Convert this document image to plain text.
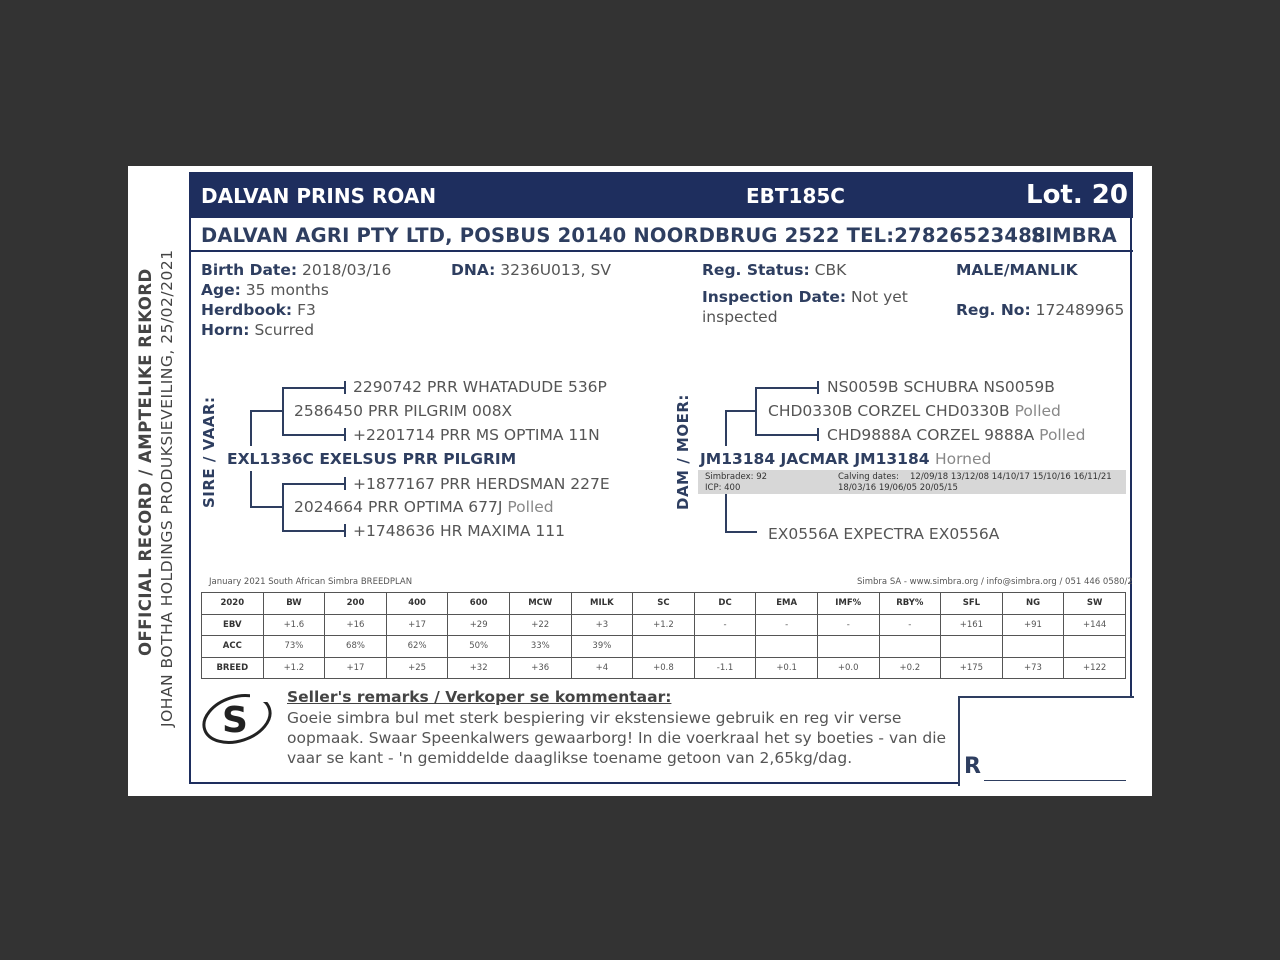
OFFICIAL RECORD / AMPTELIKE REKORD JOHAN BOTHA HOLDINGS PRODUKSIEVEILING, 25/02/2021
DALVAN PRINS ROAN	EBT185C	Lot. 20
DALVAN AGRI PTY LTD, POSBUS 20140 NOORDBRUG 2522 TEL:27826523488
SIMBRA
Birth Date: 2018/03/16
Age: 35 months
Herdbook: F3
Horn: Scurred
DNA: 3236U013, SV	Reg. Status: CBK
Inspection Date: Not yet inspected
MALE/MANLIK
Reg. No: 172489965
SIRE / VAAR:
2290742 PRR WHATADUDE 536P
2586450 PRR PILGRIM 008X
+2201714 PRR MS OPTIMA 11N
EXL1336C EXELSUS PRR PILGRIM
+1877167 PRR HERDSMAN 227E
2024664 PRR OPTIMA 677J Polled
+1748636 HR MAXIMA 111
DAM / MOER:
NS0059B SCHUBRA NS0059B
CHD0330B CORZEL CHD0330B Polled
CHD9888A CORZEL 9888A Polled
JM13184 JACMAR JM13184 Horned
Simbradex: 92
ICP: 400
Calving dates: 12/09/18 13/12/08 14/10/17 15/10/16 16/11/21
18/03/16 19/06/05 20/05/15
EX0556A EXPECTRA EX0556A
January 2021 South African Simbra BREEDPLAN	Simbra SA - www.simbra.org / info@simbra.org / 051 446 0580/2
2020	BW	200	400	600	MCW	MILK	SC	DC	EMA	IMF%	RBY%	SFL	NG	SW
EBV	+1.6	+16	+17	+29	+22	+3	+1.2	-	-	-	-	+161	+91	+144
ACC	73%	68%	62%	50%	33%	39%								
BREED	+1.2	+17	+25	+32	+36	+4	+0.8	-1.1	+0.1	+0.0	+0.2	+175	+73	+122
S
Seller's remarks / Verkoper se kommentaar:
Goeie simbra bul met sterk bespiering vir ekstensiewe gebruik en reg vir verse oopmaak. Swaar Speenkalwers gewaarborg! In die voerkraal het sy boeties - van die vaar se kant - 'n gemiddelde daaglikse toename getoon van 2,65kg/dag.	R
